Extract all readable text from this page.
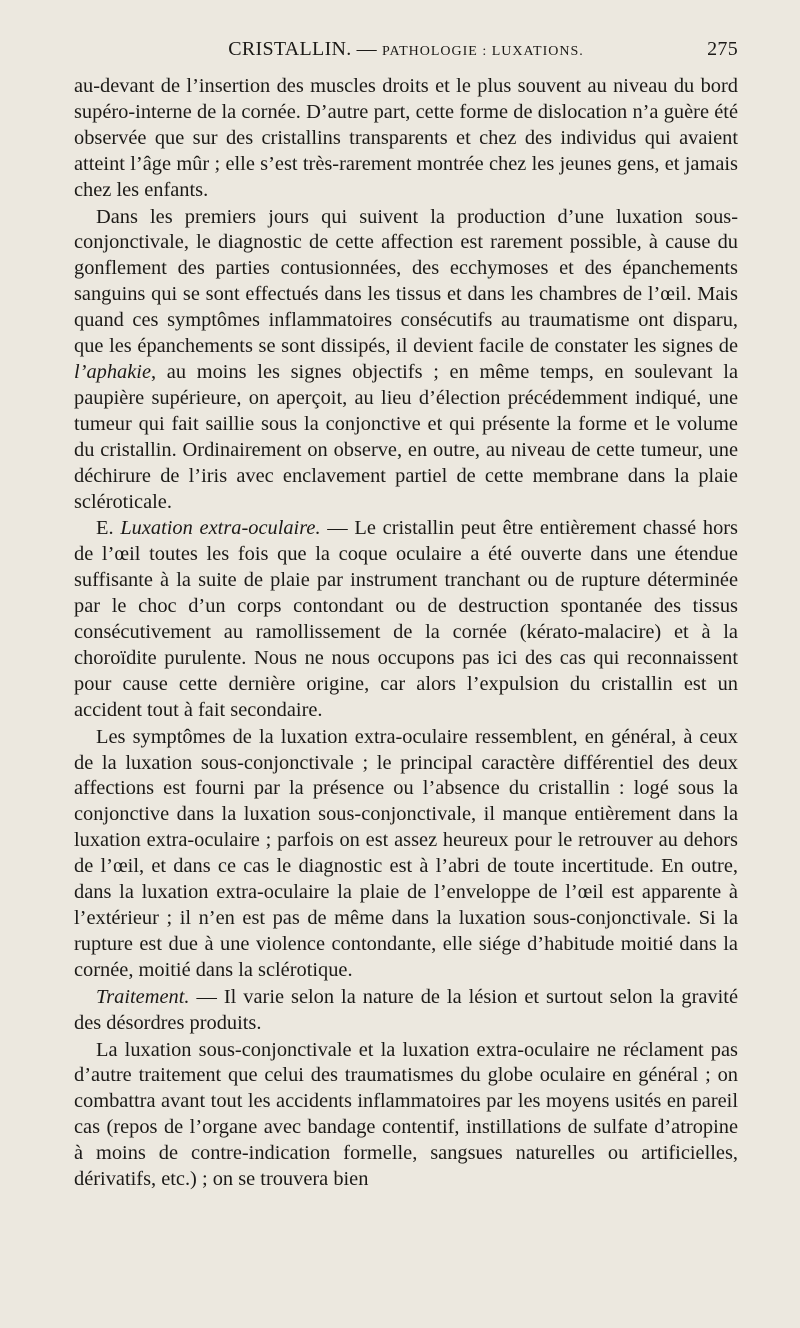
CRISTALLIN. — PATHOLOGIE : LUXATIONS.	275

au-devant de l’insertion des muscles droits et le plus souvent au niveau du bord supéro-interne de la cornée. D’autre part, cette forme de dislocation n’a guère été observée que sur des cristallins transparents et chez des individus qui avaient atteint l’âge mûr ; elle s’est très-rarement montrée chez les jeunes gens, et jamais chez les enfants.

Dans les premiers jours qui suivent la production d’une luxation sous-conjonctivale, le diagnostic de cette affection est rarement possible, à cause du gonflement des parties contusionnées, des ecchymoses et des épanchements sanguins qui se sont effectués dans les tissus et dans les chambres de l’œil. Mais quand ces symptômes inflammatoires consécutifs au traumatisme ont disparu, que les épanchements se sont dissipés, il devient facile de constater les signes de l’aphakie, au moins les signes objectifs ; en même temps, en soulevant la paupière supérieure, on aperçoit, au lieu d’élection précédemment indiqué, une tumeur qui fait saillie sous la conjonctive et qui présente la forme et le volume du cristallin. Ordinairement on observe, en outre, au niveau de cette tumeur, une déchirure de l’iris avec enclavement partiel de cette membrane dans la plaie scléroticale.

E. Luxation extra-oculaire. — Le cristallin peut être entièrement chassé hors de l’œil toutes les fois que la coque oculaire a été ouverte dans une étendue suffisante à la suite de plaie par instrument tranchant ou de rupture déterminée par le choc d’un corps contondant ou de destruction spontanée des tissus consécutivement au ramollissement de la cornée (kérato-malacire) et à la choroïdite purulente. Nous ne nous occupons pas ici des cas qui reconnaissent pour cause cette dernière origine, car alors l’expulsion du cristallin est un accident tout à fait secondaire.

Les symptômes de la luxation extra-oculaire ressemblent, en général, à ceux de la luxation sous-conjonctivale ; le principal caractère différentiel des deux affections est fourni par la présence ou l’absence du cristallin : logé sous la conjonctive dans la luxation sous-conjonctivale, il manque entièrement dans la luxation extra-oculaire ; parfois on est assez heureux pour le retrouver au dehors de l’œil, et dans ce cas le diagnostic est à l’abri de toute incertitude. En outre, dans la luxation extra-oculaire la plaie de l’enveloppe de l’œil est apparente à l’extérieur ; il n’en est pas de même dans la luxation sous-conjonctivale. Si la rupture est due à une violence contondante, elle siége d’habitude moitié dans la cornée, moitié dans la sclérotique.

Traitement. — Il varie selon la nature de la lésion et surtout selon la gravité des désordres produits.

La luxation sous-conjonctivale et la luxation extra-oculaire ne réclament pas d’autre traitement que celui des traumatismes du globe oculaire en général ; on combattra avant tout les accidents inflammatoires par les moyens usités en pareil cas (repos de l’organe avec bandage contentif, instillations de sulfate d’atropine à moins de contre-indication formelle, sangsues naturelles ou artificielles, dérivatifs, etc.) ; on se trouvera bien
